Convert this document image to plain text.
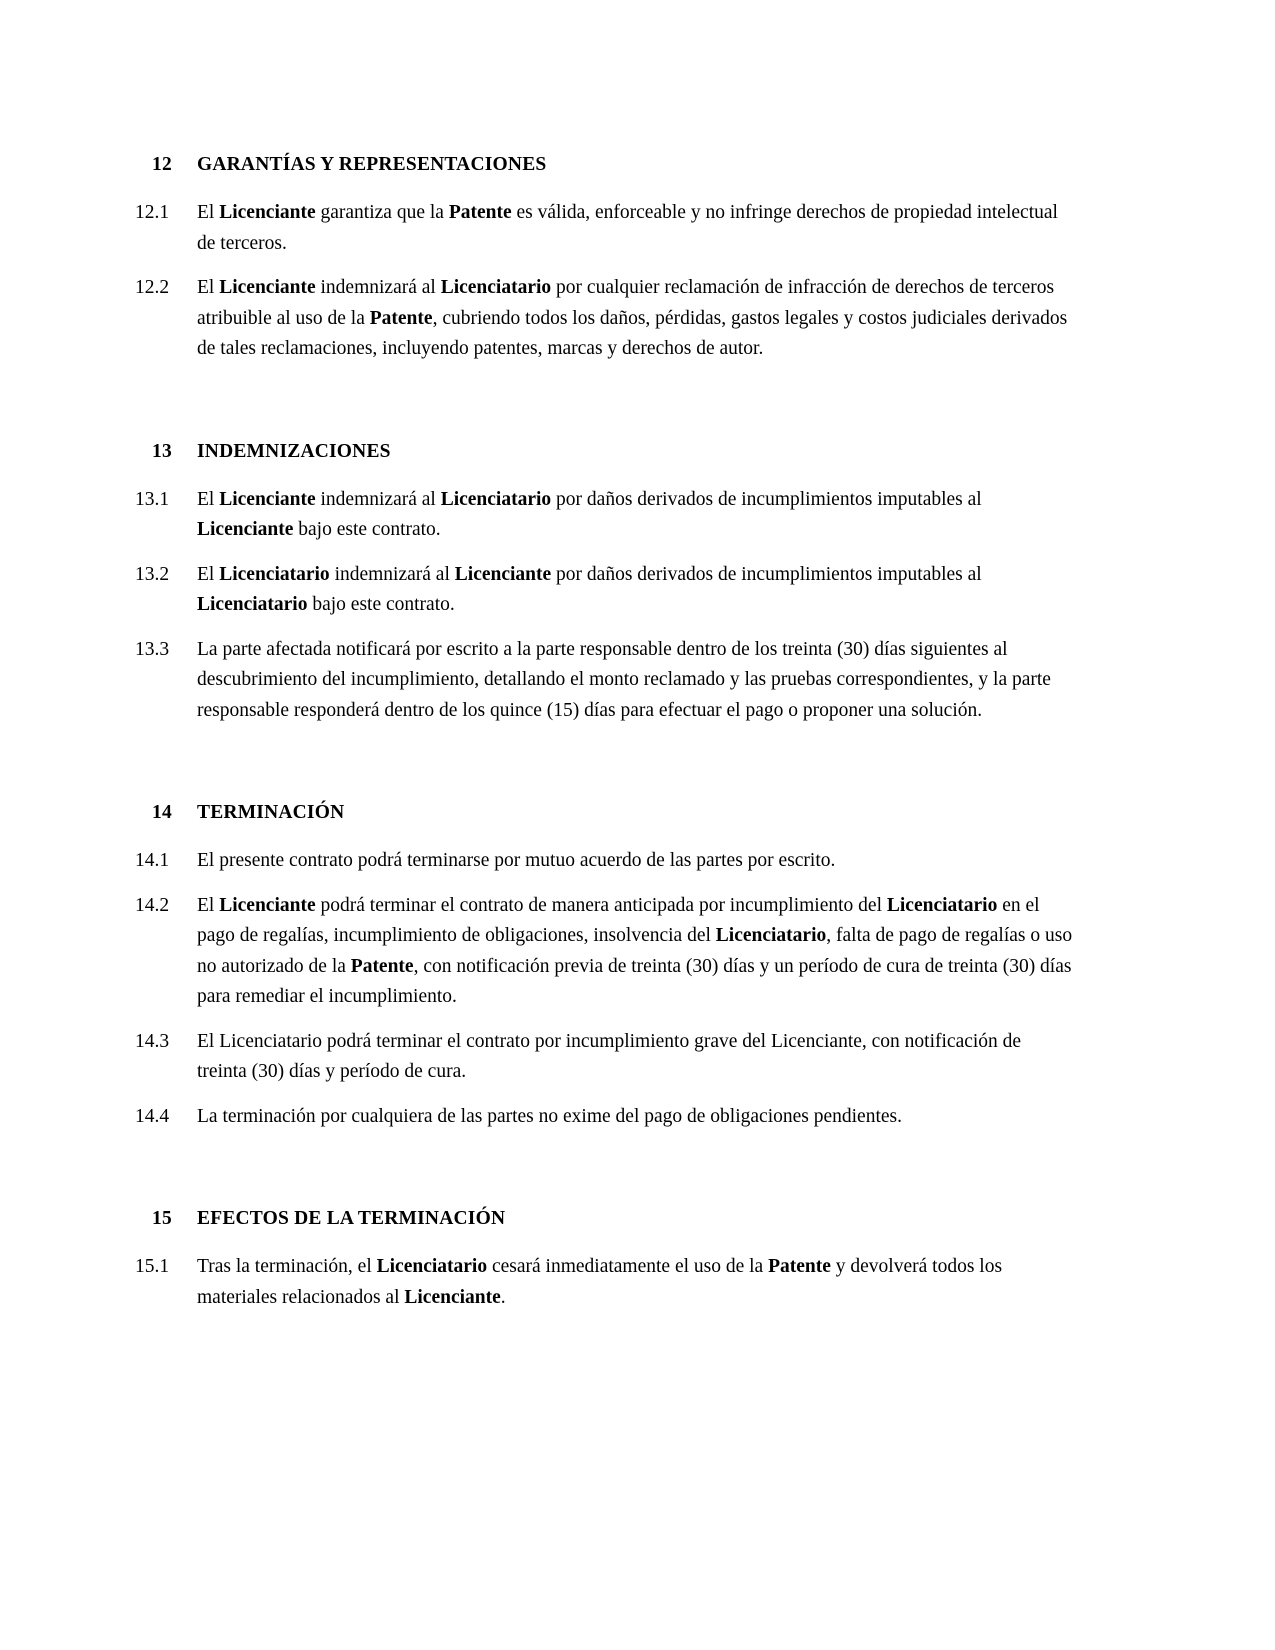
12	GARANTÍAS Y REPRESENTACIONES
12.1	El Licenciante garantiza que la Patente es válida, enforceable y no infringe derechos de propiedad intelectual de terceros.
12.2	El Licenciante indemnizará al Licenciatario por cualquier reclamación de infracción de derechos de terceros atribuible al uso de la Patente, cubriendo todos los daños, pérdidas, gastos legales y costos judiciales derivados de tales reclamaciones, incluyendo patentes, marcas y derechos de autor.
13	INDEMNIZACIONES
13.1	El Licenciante indemnizará al Licenciatario por daños derivados de incumplimientos imputables al Licenciante bajo este contrato.
13.2	El Licenciatario indemnizará al Licenciante por daños derivados de incumplimientos imputables al Licenciatario bajo este contrato.
13.3	La parte afectada notificará por escrito a la parte responsable dentro de los treinta (30) días siguientes al descubrimiento del incumplimiento, detallando el monto reclamado y las pruebas correspondientes, y la parte responsable responderá dentro de los quince (15) días para efectuar el pago o proponer una solución.
14	TERMINACIÓN
14.1	El presente contrato podrá terminarse por mutuo acuerdo de las partes por escrito.
14.2	El Licenciante podrá terminar el contrato de manera anticipada por incumplimiento del Licenciatario en el pago de regalías, incumplimiento de obligaciones, insolvencia del Licenciatario, falta de pago de regalías o uso no autorizado de la Patente, con notificación previa de treinta (30) días y un período de cura de treinta (30) días para remediar el incumplimiento.
14.3	El Licenciatario podrá terminar el contrato por incumplimiento grave del Licenciante, con notificación de treinta (30) días y período de cura.
14.4	La terminación por cualquiera de las partes no exime del pago de obligaciones pendientes.
15	EFECTOS DE LA TERMINACIÓN
15.1	Tras la terminación, el Licenciatario cesará inmediatamente el uso de la Patente y devolverá todos los materiales relacionados al Licenciante.
